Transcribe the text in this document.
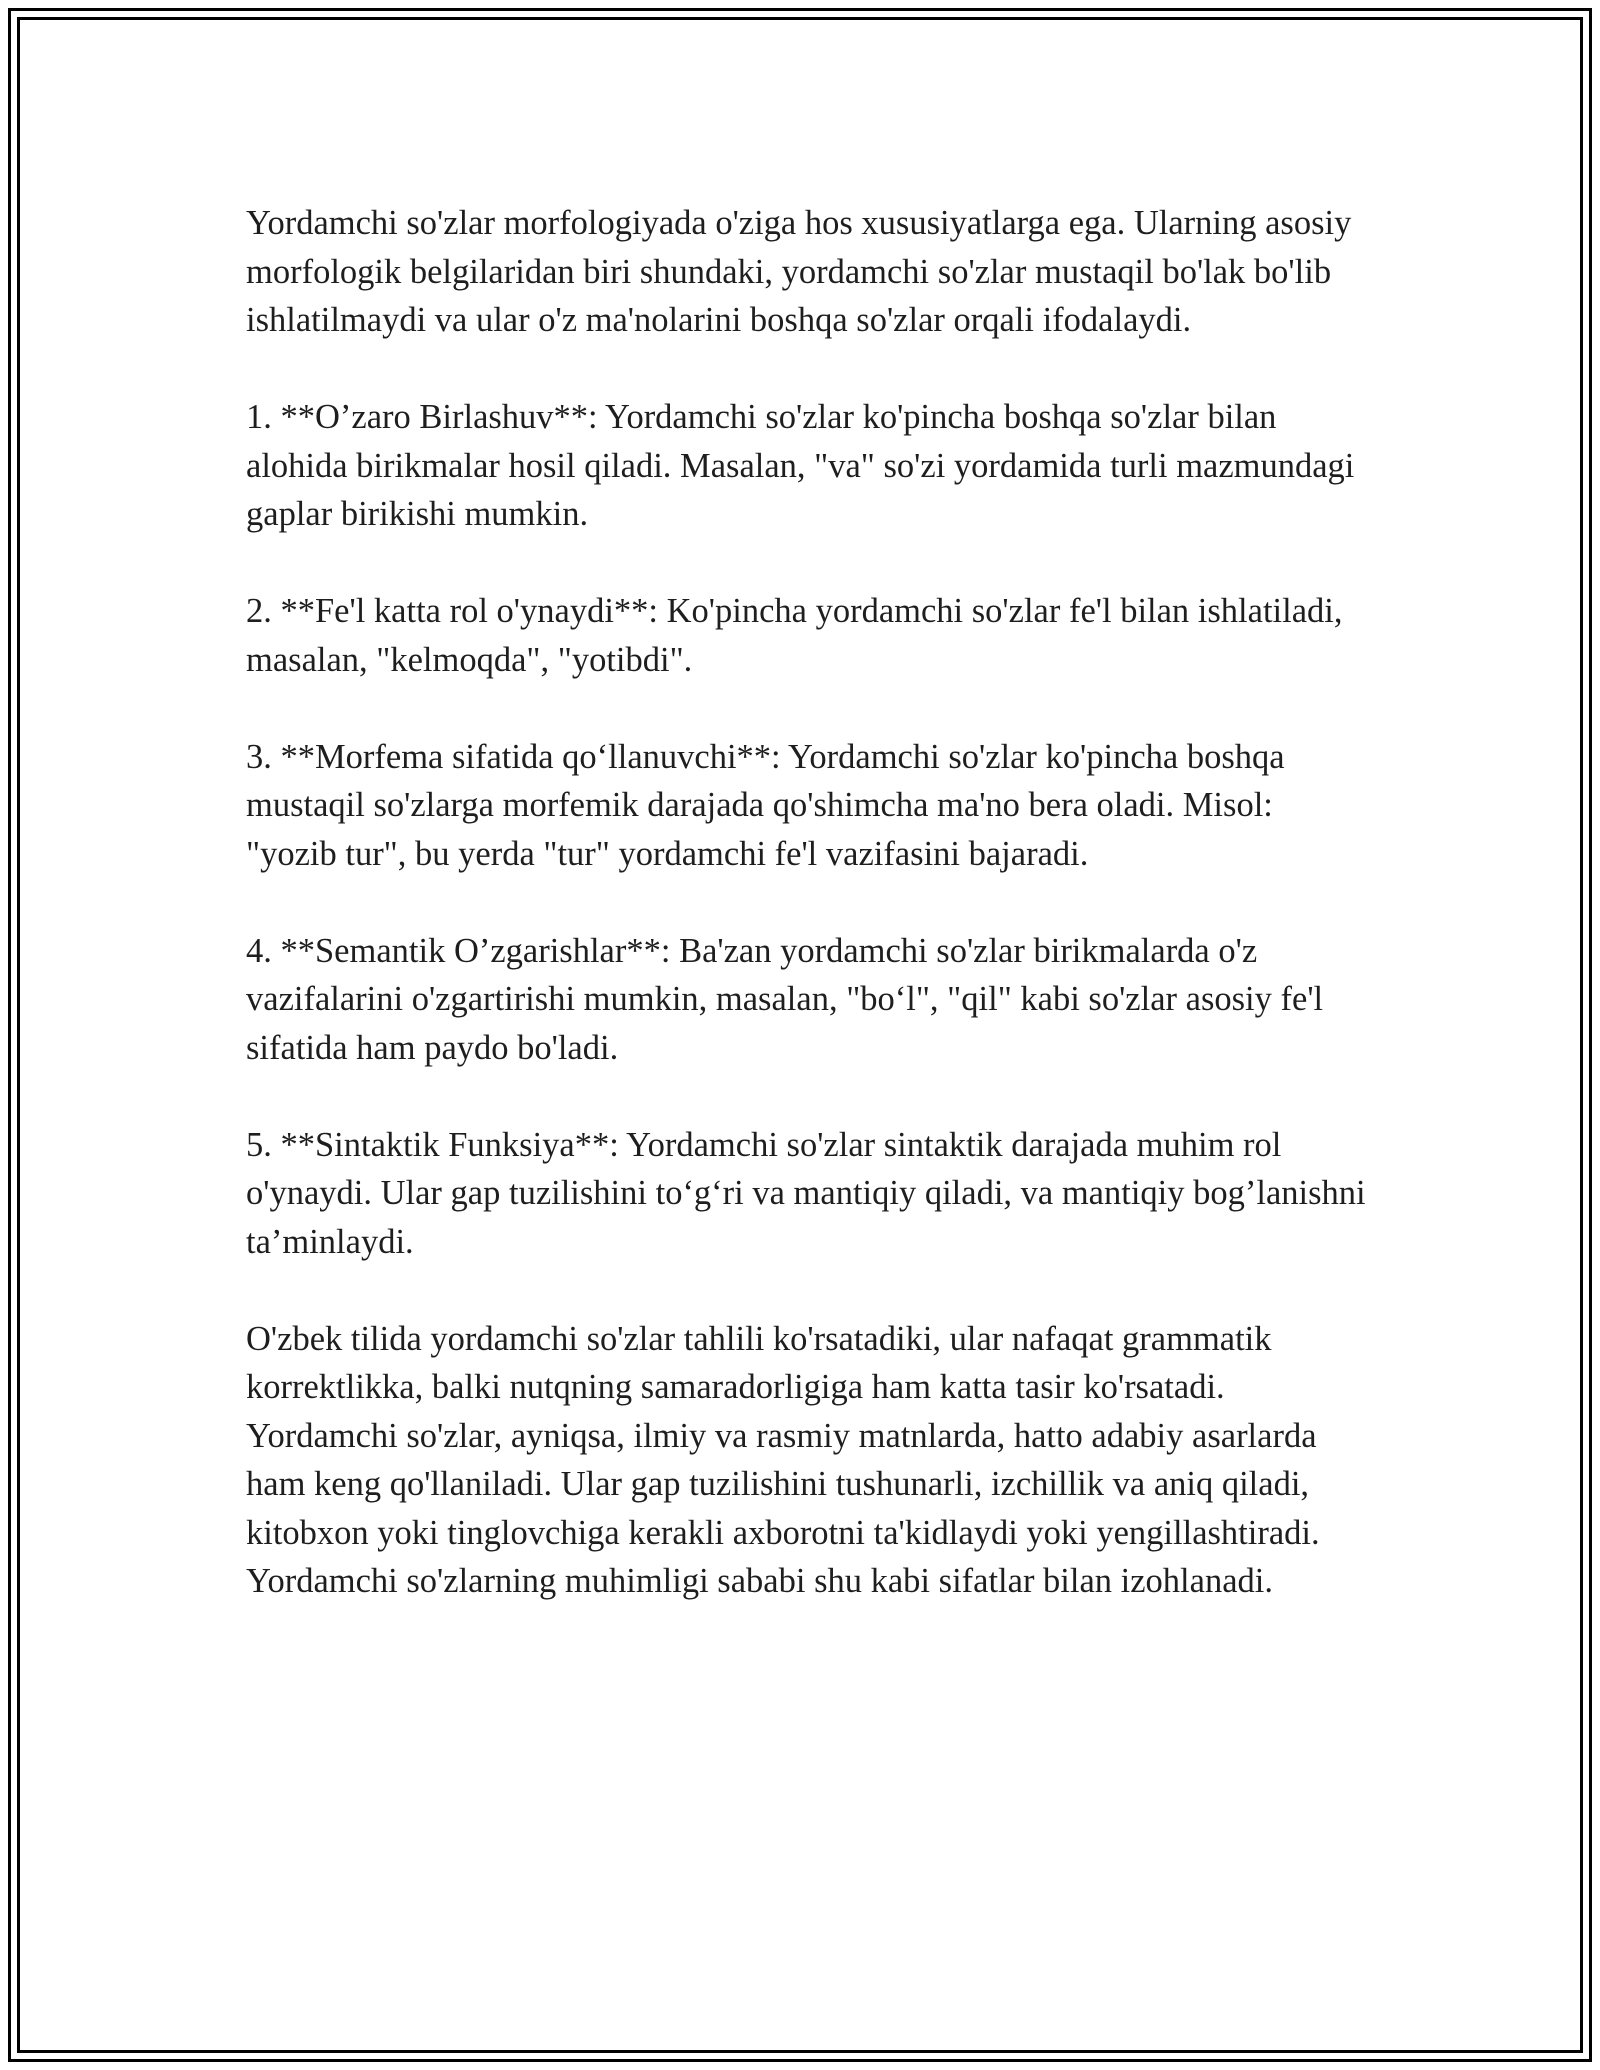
Yordamchi so'zlar morfologiyada o'ziga hos xususiyatlarga ega. Ularning asosiy morfologik belgilaridan biri shundaki, yordamchi so'zlar mustaqil bo'lak bo'lib ishlatilmaydi va ular o'z ma'nolarini boshqa so'zlar orqali ifodalaydi.

1. **O’zaro Birlashuv**: Yordamchi so'zlar ko'pincha boshqa so'zlar bilan alohida birikmalar hosil qiladi. Masalan, "va" so'zi yordamida turli mazmundagi gaplar birikishi mumkin.

2. **Fe'l katta rol o'ynaydi**: Ko'pincha yordamchi so'zlar fe'l bilan ishlatiladi, masalan, "kelmoqda", "yotibdi".

3. **Morfema sifatida qo‘llanuvchi**: Yordamchi so'zlar ko'pincha boshqa mustaqil so'zlarga morfemik darajada qo'shimcha ma'no bera oladi. Misol: "yozib tur", bu yerda "tur" yordamchi fe'l vazifasini bajaradi.

4. **Semantik O’zgarishlar**: Ba'zan yordamchi so'zlar birikmalarda o'z vazifalarini o'zgartirishi mumkin, masalan, "bo‘l", "qil" kabi so'zlar asosiy fe'l sifatida ham paydo bo'ladi.

5. **Sintaktik Funksiya**: Yordamchi so'zlar sintaktik darajada muhim rol o'ynaydi. Ular gap tuzilishini to‘g‘ri va mantiqiy qiladi, va mantiqiy bog’lanishni ta’minlaydi.

O'zbek tilida yordamchi so'zlar tahlili ko'rsatadiki, ular nafaqat grammatik korrektlikka, balki nutqning samaradorligiga ham katta tasir ko'rsatadi. Yordamchi so'zlar, ayniqsa, ilmiy va rasmiy matnlarda, hatto adabiy asarlarda ham keng qo'llaniladi. Ular gap tuzilishini tushunarli, izchillik va aniq qiladi, kitobxon yoki tinglovchiga kerakli axborotni ta'kidlaydi yoki yengillashtiradi. Yordamchi so'zlarning muhimligi sababi shu kabi sifatlar bilan izohlanadi.
